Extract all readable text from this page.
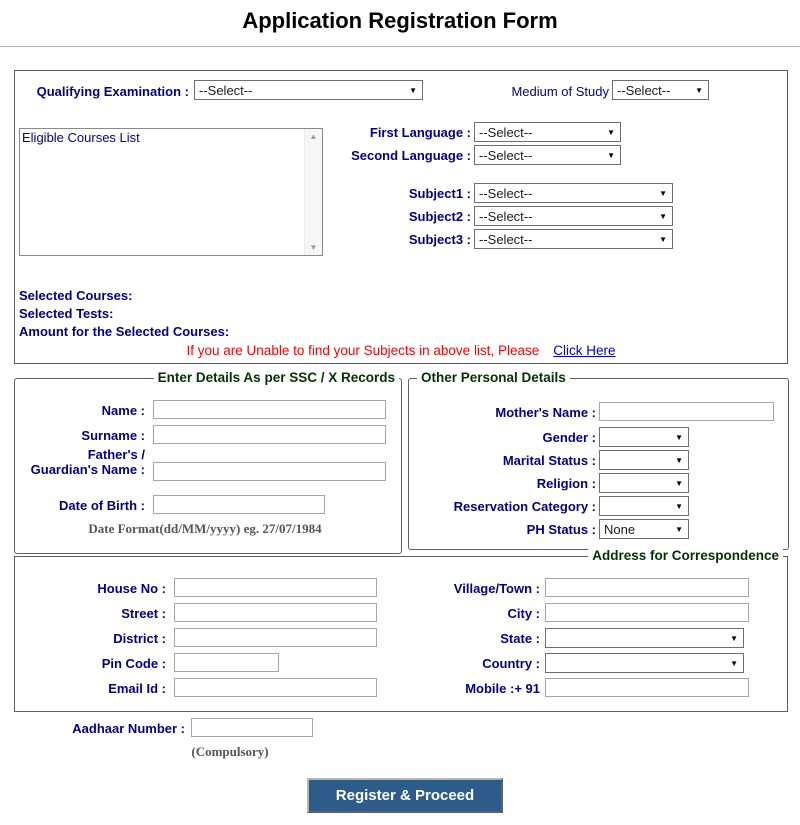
Application Registration Form
Qualifying Examination : --Select--	▼	Medium of Study --Select--	▼
Eligible Courses List	▲
▼
First Language : --Select--	▼
Second Language : --Select--	▼
Subject1 : --Select--	▼
Subject2 : --Select--	▼
Subject3 : --Select--	▼
Selected Courses:
Selected Tests:
Amount for the Selected Courses:
If you are Unable to find your Subjects in above list, Please Click Here
Enter Details As per SSC / X Records
Name :
Surname :
Father's / Guardian's Name :
Date of Birth :
Date Format(dd/MM/yyyy) eg. 27/07/1984
Other Personal Details
Mother's Name :
Gender :	▼
Marital Status :	▼
Religion :	▼
Reservation Category :	▼
PH Status : None	▼
Address for Correspondence
House No :
Street :
District :
Pin Code :
Email Id :
Village/Town :
City :
State :	▼
Country :	▼
Mobile :+ 91
Aadhaar Number :
(Compulsory)
Register & Proceed
